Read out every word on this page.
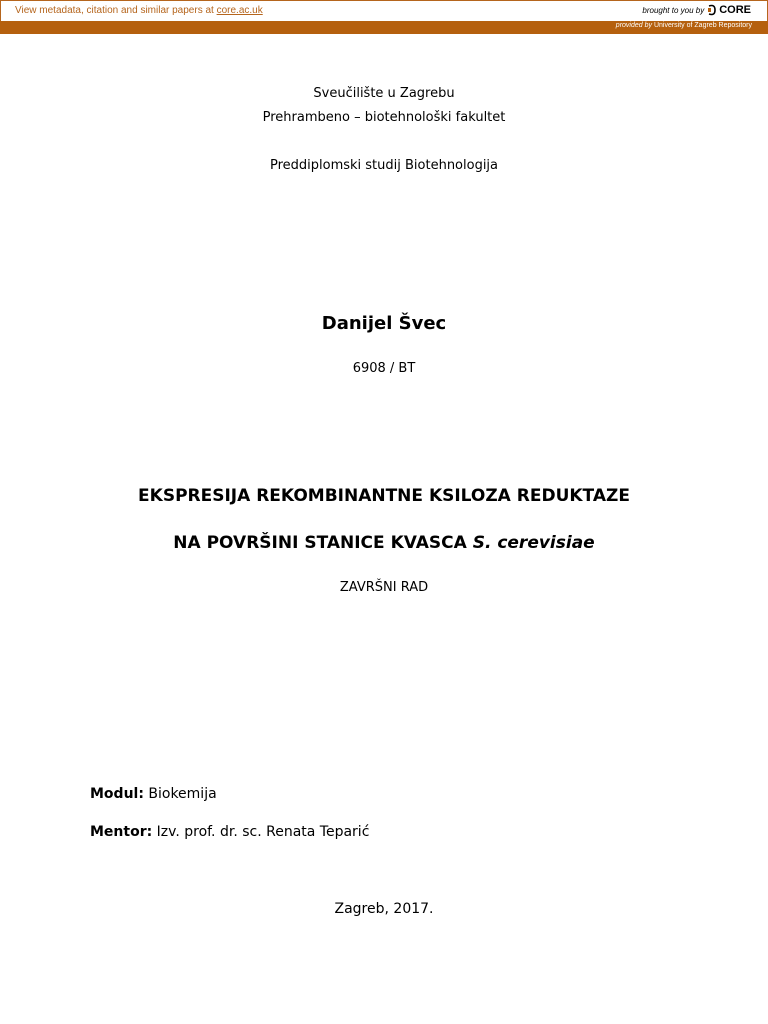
View metadata, citation and similar papers at core.ac.uk	brought to you by CORE
provided by University of Zagreb Repository
Sveučilište u Zagrebu
Prehrambeno – biotehnološki fakultet
Preddiplomski studij Biotehnologija
Danijel Švec
6908 / BT
EKSPRESIJA REKOMBINANTNE KSILOZA REDUKTAZE
NA POVRŠINI STANICE KVASCA S. cerevisiae
ZAVRŠNI RAD
Modul: Biokemija
Mentor: Izv. prof. dr. sc. Renata Teparić
Zagreb, 2017.
